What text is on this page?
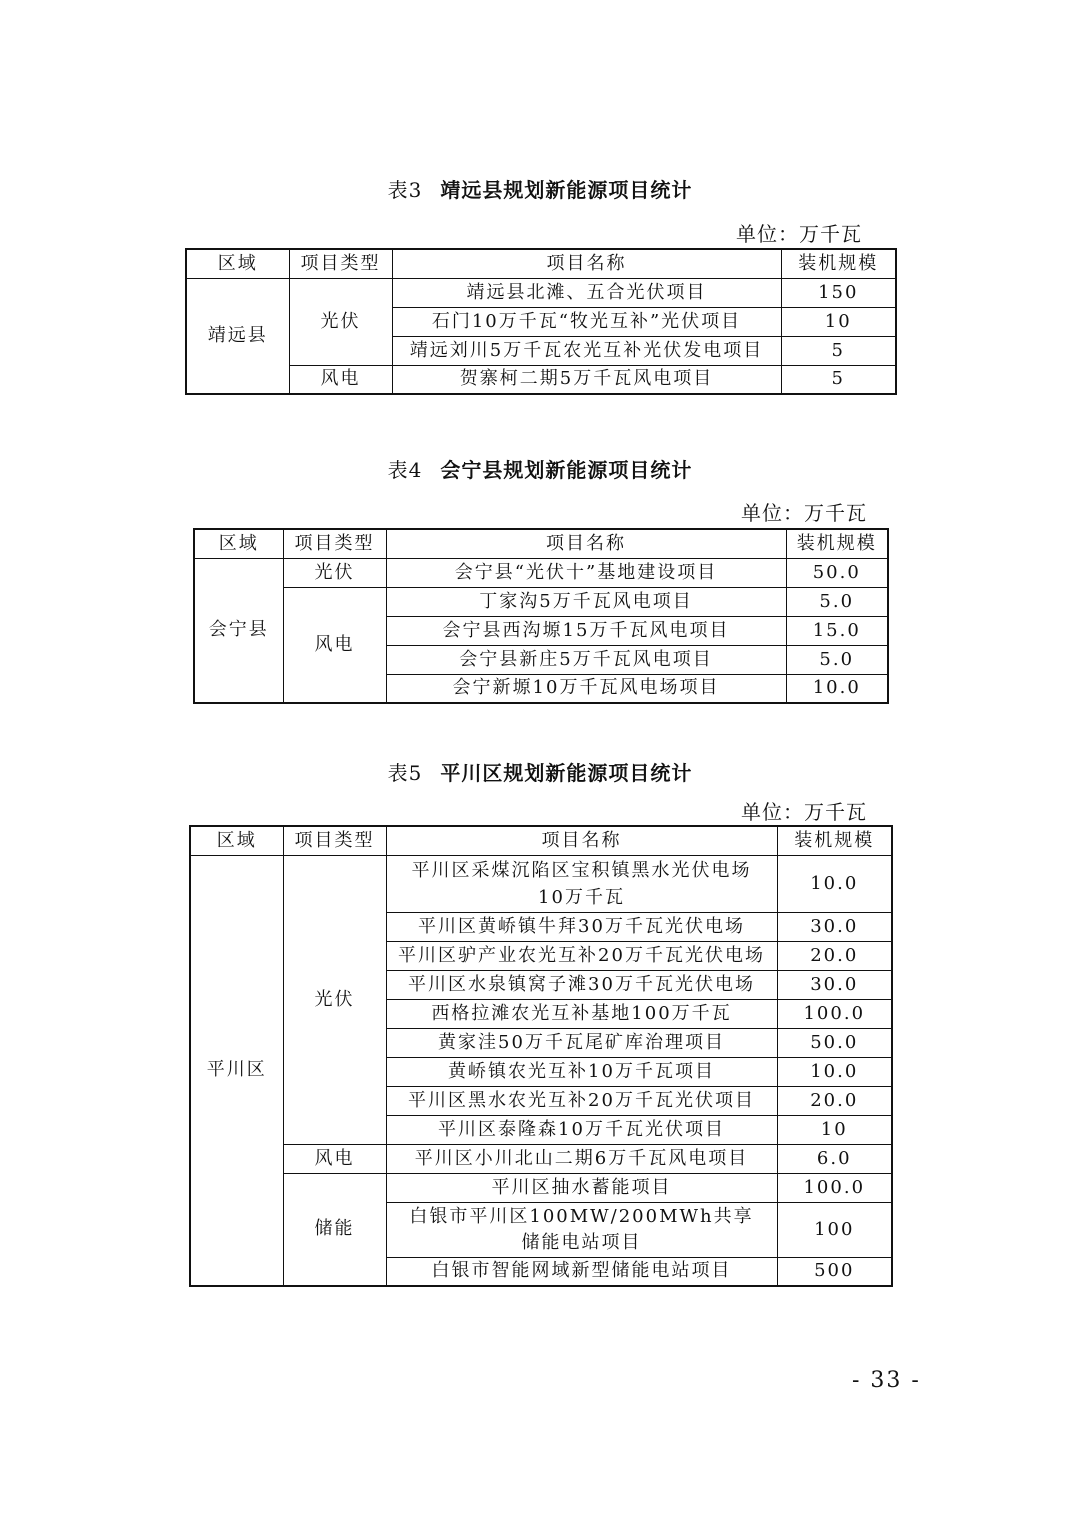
表3 靖远县规划新能源项目统计
单位：万千瓦
区域	项目类型	项目名称	装机规模
靖远县	光伏	靖远县北滩、五合光伏项目	150
		石门10万千瓦“牧光互补”光伏项目	10
		靖远刘川5万千瓦农光互补光伏发电项目	5
	风电	贺寨柯二期5万千瓦风电项目	5
表4 会宁县规划新能源项目统计
单位：万千瓦
区域	项目类型	项目名称	装机规模
会宁县	光伏	会宁县“光伏十”基地建设项目	50.0
	风电	丁家沟5万千瓦风电项目	5.0
		会宁县西沟塬15万千瓦风电项目	15.0
		会宁县新庄5万千瓦风电项目	5.0
		会宁新塬10万千瓦风电场项目	10.0
表5 平川区规划新能源项目统计
单位：万千瓦
区域	项目类型	项目名称	装机规模
平川区	光伏	平川区采煤沉陷区宝积镇黑水光伏电场10万千瓦	10.0
		平川区黄峤镇牛拜30万千瓦光伏电场	30.0
		平川区驴产业农光互补20万千瓦光伏电场	20.0
		平川区水泉镇窝子滩30万千瓦光伏电场	30.0
		西格拉滩农光互补基地100万千瓦	100.0
		黄家洼50万千瓦尾矿库治理项目	50.0
		黄峤镇农光互补10万千瓦项目	10.0
		平川区黑水农光互补20万千瓦光伏项目	20.0
		平川区泰隆森10万千瓦光伏项目	10
	风电	平川区小川北山二期6万千瓦风电项目	6.0
	储能	平川区抽水蓄能项目	100.0
		白银市平川区100MW/200MWh共享储能电站项目	100
		白银市智能网域新型储能电站项目	500
- 33 -
